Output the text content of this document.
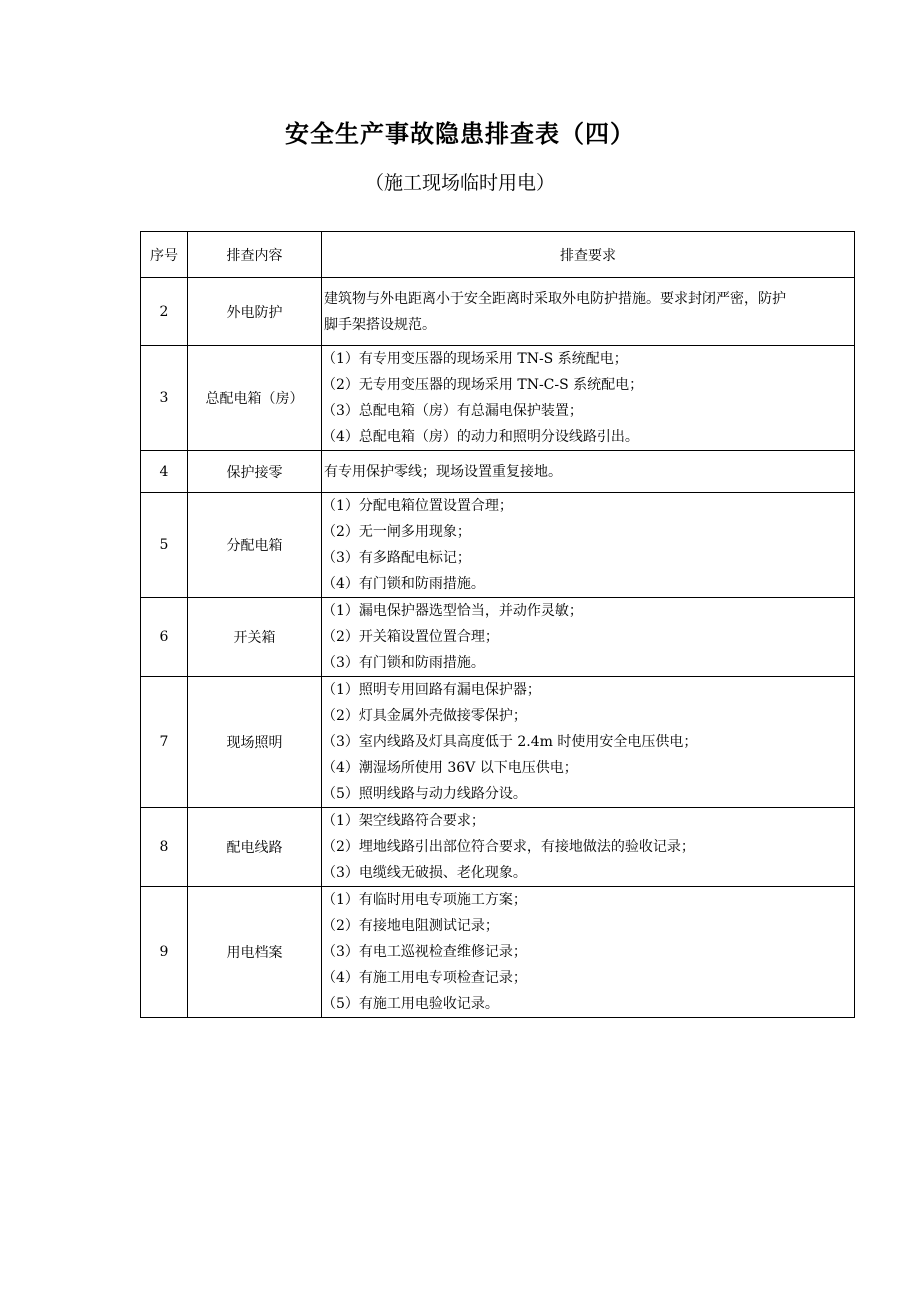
安全生产事故隐患排查表（四）
（施工现场临时用电）
序号	排查内容	排查要求
2	外电防护	建筑物与外电距离小于安全距离时采取外电防护措施。要求封闭严密，防护
脚手架搭设规范。

3	总配电箱（房）	（1）有专用变压器的现场采用 TN-S 系统配电；
（2）无专用变压器的现场采用 TN-C-S 系统配电；
（3）总配电箱（房）有总漏电保护装置；
（4）总配电箱（房）的动力和照明分设线路引出。

4	保护接零	有专用保护零线；现场设置重复接地。

5	分配电箱	（1）分配电箱位置设置合理；
（2）无一闸多用现象；
（3）有多路配电标记；
（4）有门锁和防雨措施。

6	开关箱	（1）漏电保护器选型恰当，并动作灵敏；
（2）开关箱设置位置合理；
（3）有门锁和防雨措施。

7	现场照明	（1）照明专用回路有漏电保护器；
（2）灯具金属外壳做接零保护；
（3）室内线路及灯具高度低于 2.4m 时使用安全电压供电；
（4）潮湿场所使用 36V 以下电压供电；
（5）照明线路与动力线路分设。

8	配电线路	（1）架空线路符合要求；
（2）埋地线路引出部位符合要求，有接地做法的验收记录；
（3）电缆线无破损、老化现象。

9	用电档案	（1）有临时用电专项施工方案；
（2）有接地电阻测试记录；
（3）有电工巡视检查维修记录；
（4）有施工用电专项检查记录；
（5）有施工用电验收记录。
